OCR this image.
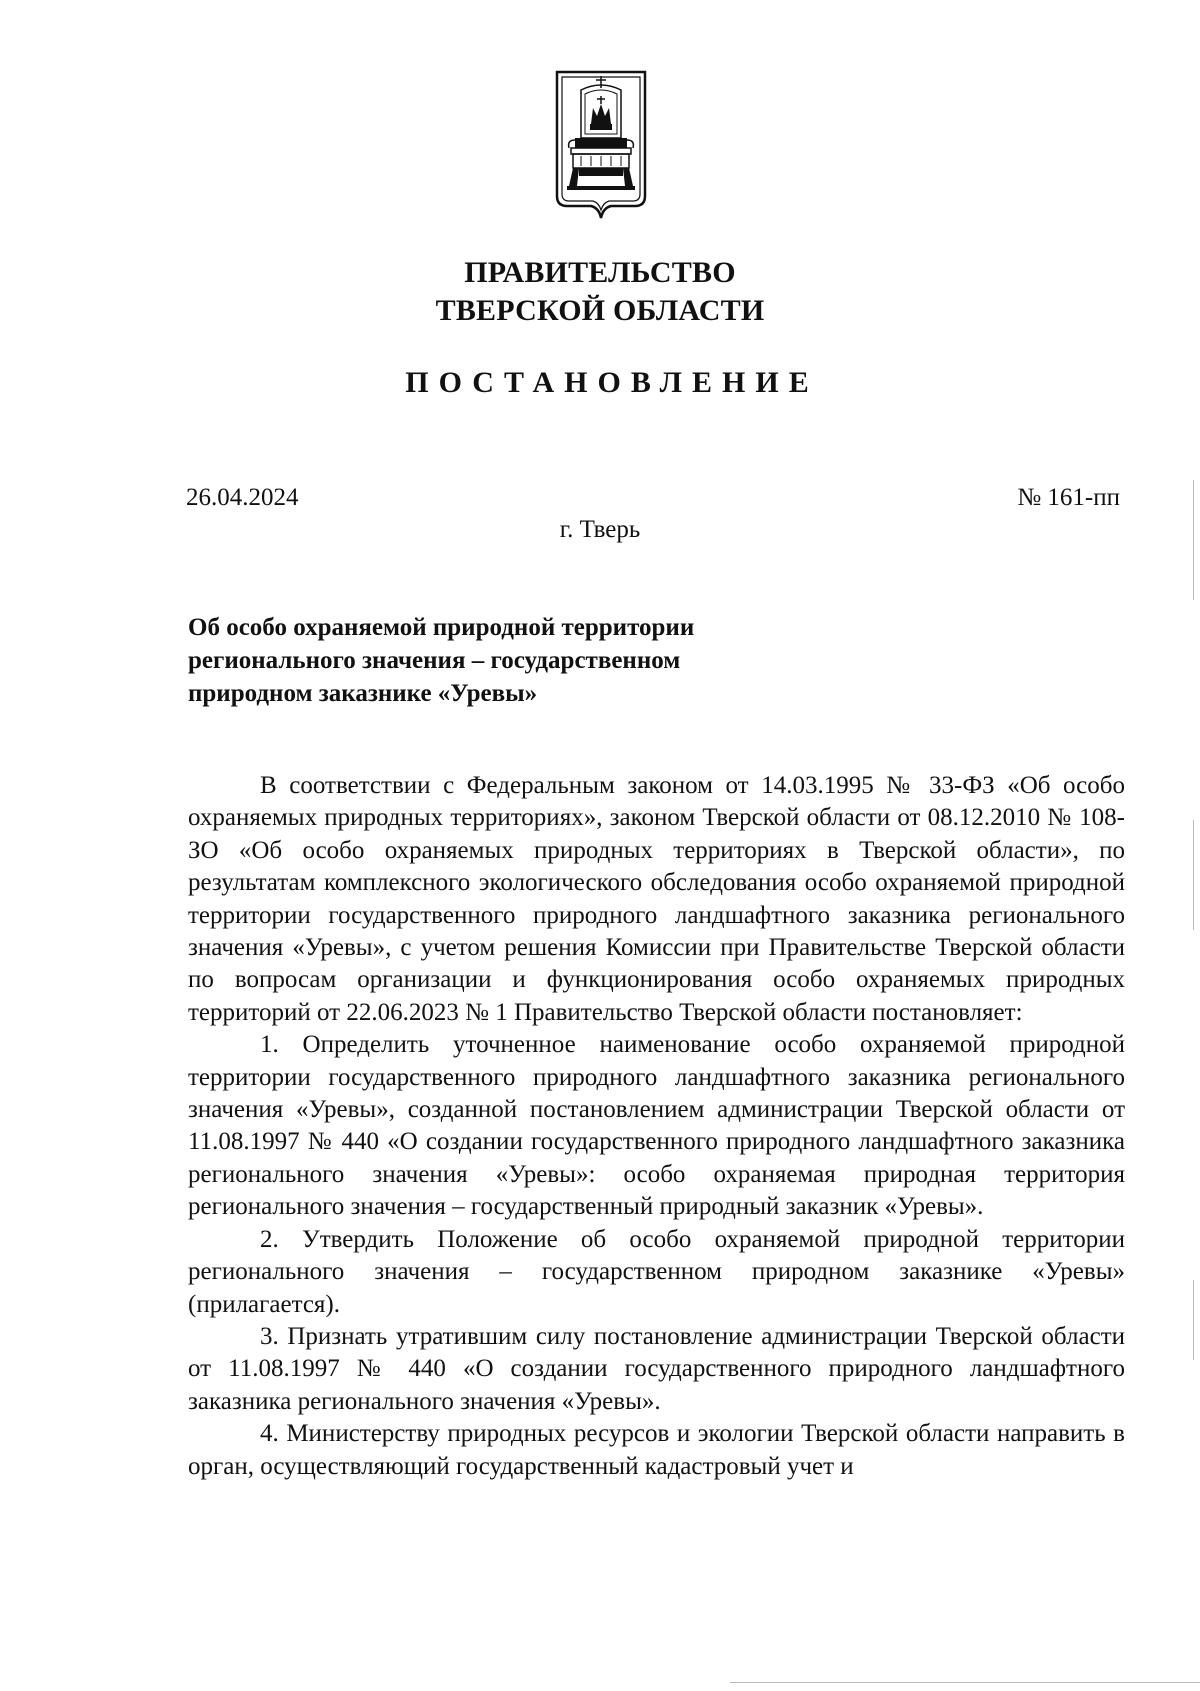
ПРАВИТЕЛЬСТВО
ТВЕРСКОЙ ОБЛАСТИ
ПОСТАНОВЛЕНИЕ
26.04.2024	№ 161-пп
г. Тверь
Об особо охраняемой природной территории
регионального значения – государственном
природном заказнике «Уревы»

В соответствии с Федеральным законом от 14.03.1995 № 33-ФЗ «Об особо охраняемых природных территориях», законом Тверской области от 08.12.2010 № 108-ЗО «Об особо охраняемых природных территориях в Тверской области», по результатам комплексного экологического обследования особо охраняемой природной территории государственного природного ландшафтного заказника регионального значения «Уревы», с учетом решения Комиссии при Правительстве Тверской области по вопросам организации и функционирования особо охраняемых природных территорий от 22.06.2023 № 1 Правительство Тверской области постановляет:

1. Определить уточненное наименование особо охраняемой природной территории государственного природного ландшафтного заказника регионального значения «Уревы», созданной постановлением администрации Тверской области от 11.08.1997 № 440 «О создании государственного природного ландшафтного заказника регионального значения «Уревы»: особо охраняемая природная территория регионального значения – государственный природный заказник «Уревы».

2. Утвердить Положение об особо охраняемой природной территории регионального значения – государственном природном заказнике «Уревы» (прилагается).

3. Признать утратившим силу постановление администрации Тверской области от 11.08.1997 № 440 «О создании государственного природного ландшафтного заказника регионального значения «Уревы».

4. Министерству природных ресурсов и экологии Тверской области направить в орган, осуществляющий государственный кадастровый учет и
